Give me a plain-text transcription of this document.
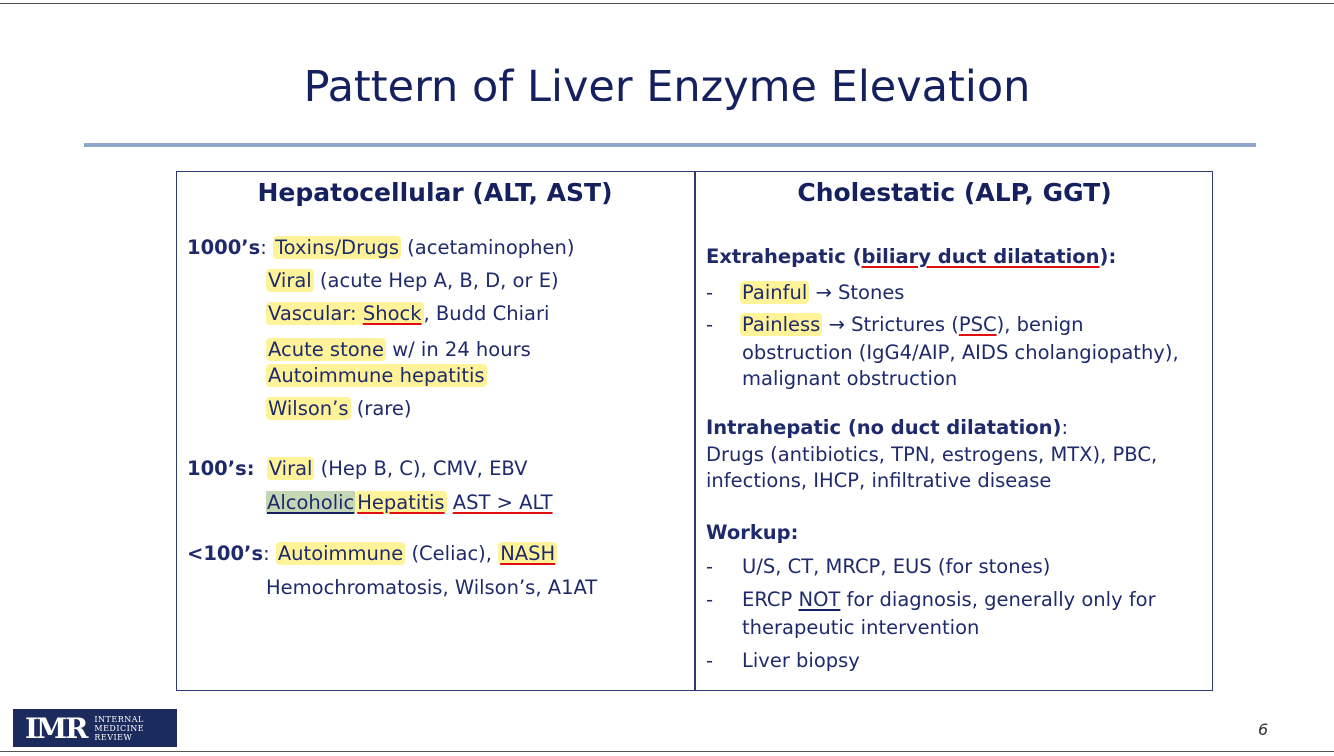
Pattern of Liver Enzyme Elevation
Hepatocellular (ALT, AST)
1000’s: Toxins/Drugs (acetaminophen)
Viral (acute Hep A, B, D, or E)
Vascular: Shock , Budd Chiari
Acute stone w/ in 24 hours
Autoimmune hepatitis
Wilson’s (rare)
100’s: Viral (Hep B, C), CMV, EBV
Alcoholic Hepatitis AST > ALT
<100’s: Autoimmune (Celiac), NASH
Hemochromatosis, Wilson’s, A1AT
Cholestatic (ALP, GGT)
Extrahepatic (biliary duct dilatation):
- Painful → Stones
- Painless → Strictures (PSC), benign
obstruction (IgG4/AIP, AIDS cholangiopathy),
malignant obstruction
Intrahepatic (no duct dilatation):
Drugs (antibiotics, TPN, estrogens, MTX), PBC,
infections, IHCP, infiltrative disease
Workup:
- U/S, CT, MRCP, EUS (for stones)
- ERCP NOT for diagnosis, generally only for
therapeutic intervention
- Liver biopsy
IMR INTERNAL
MEDICINE
REVIEW	6
